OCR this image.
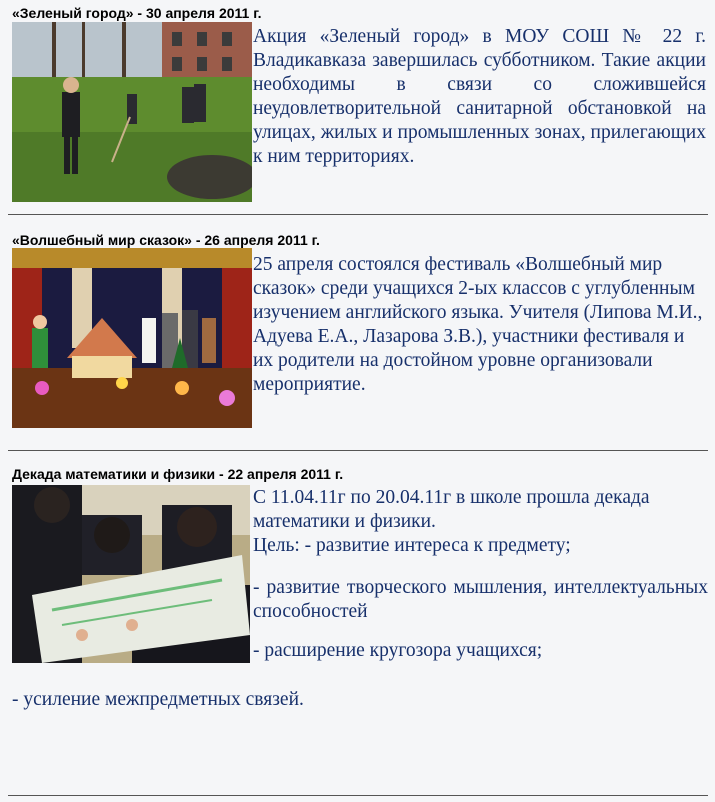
«Зеленый город» - 30 апреля 2011 г.
Акция «Зеленый город» в МОУ СОШ № 22 г. Владикавказа завершилась субботником. Такие акции необходимы в связи со сложившейся неудовлетворительной санитарной обстановкой на улицах, жилых и промышленных зонах, прилегающих к ним территориях.
«Волшебный мир сказок» - 26 апреля 2011 г.
25 апреля состоялся фестиваль «Волшебный мир сказок» среди учащихся 2-ых классов с углубленным изучением английского языка. Учителя (Липова М.И., Адуева Е.А., Лазарова З.В.), участники фестиваля и их родители на достойном уровне организовали мероприятие.
Декада математики и физики - 22 апреля 2011 г.
С 11.04.11г по 20.04.11г в школе прошла декада математики и физики.
Цель: - развитие интереса к предмету;
- развитие творческого мышления, интеллектуальных способностей
- расширение кругозора учащихся;
- усиление межпредметных связей.
